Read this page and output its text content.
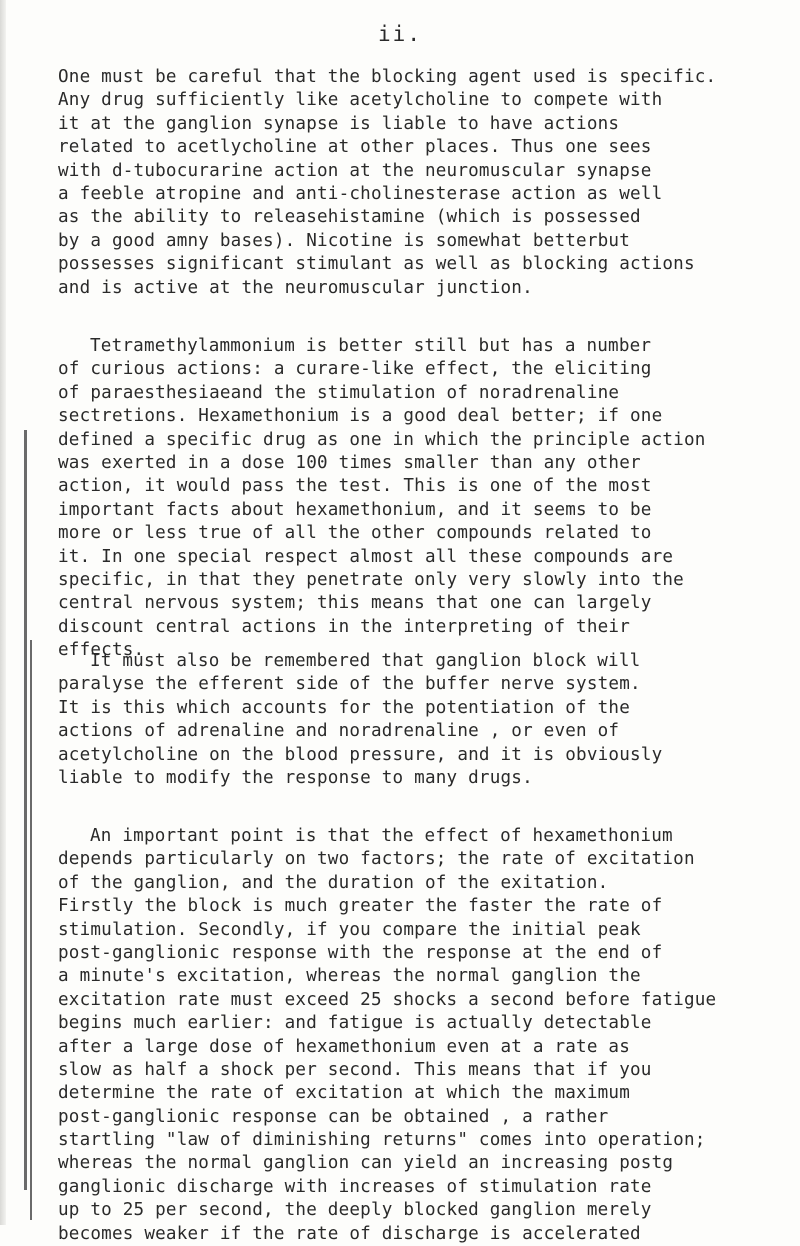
ii.
One must be careful that the blocking agent used is specific.
Any drug sufficiently like acetylcholine to compete with
it at the ganglion synapse is liable to have actions
related to acetlycholine at other places. Thus one sees
with d-tubocurarine action at the neuromuscular synapse
a feeble atropine and anti-cholinesterase action as well
as the ability to releasehistamine (which is possessed
by a good amny bases). Nicotine is somewhat betterbut
possesses significant stimulant as well as blocking actions
and is active at the neuromuscular junction.
Tetramethylammonium is better still but has a number
of curious actions: a curare-like effect, the eliciting
of paraesthesiaeand the stimulation of noradrenaline
sectretions. Hexamethonium is a good deal better; if one
defined a specific drug as one in which the principle action
was exerted in a dose 100 times smaller than any other
action, it would pass the test. This is one of the most
important facts about hexamethonium, and it seems to be
more or less true of all the other compounds related to
it. In one special respect almost all these compounds are
specific, in that they penetrate only very slowly into the
central nervous system; this means that one can largely
discount central actions in the interpreting of their
effects.
It must also be remembered that ganglion block will
paralyse the efferent side of the buffer nerve system.
It is this which accounts for the potentiation of the
actions of adrenaline and noradrenaline , or even of
acetylcholine on the blood pressure, and it is obviously
liable to modify the response to many drugs.
An important point is that the effect of hexamethonium
depends particularly on two factors; the rate of excitation
of the ganglion, and the duration of the exitation.
Firstly the block is much greater the faster the rate of
stimulation. Secondly, if you compare the initial peak
post-ganglionic response with the response at the end of
a minute's excitation, whereas the normal ganglion the
excitation rate must exceed 25 shocks a second before fatigue
begins much earlier: and fatigue is actually detectable
after a large dose of hexamethonium even at a rate as
slow as half a shock per second. This means that if you
determine the rate of excitation at which the maximum
post-ganglionic response can be obtained , a rather
startling "law of diminishing returns" comes into operation;
whereas the normal ganglion can yield an increasing postg
ganglionic discharge with increases of stimulation rate
up to 25 per second, the deeply blocked ganglion merely
becomes weaker if the rate of discharge is accelerated
